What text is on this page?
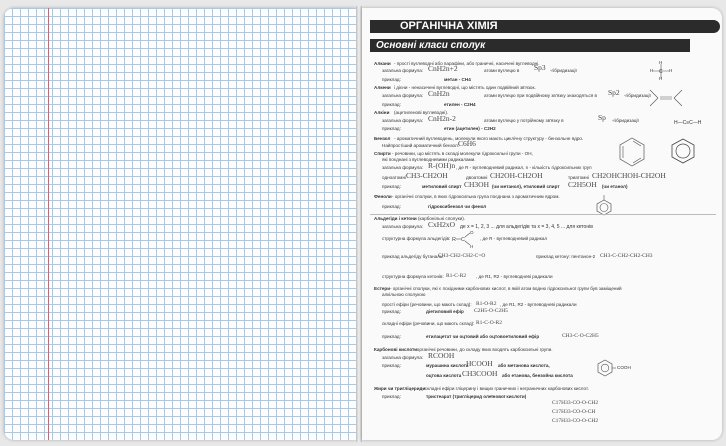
ОРГАНІЧНА ХІМІЯ
Основні класи сполук
Алкани - прості вуглеводні або парафіни, або граничні, насичені вуглеводні.
загальна формула: CnH2n+2	атоми вуглецю в Sp3 -гібридизації
приклад:	метан - CH4
C
H
H	H
H
Алкени і дієни - ненасичені вуглеводні, що містять один подвійний зв'язок.
загальна формула: CnH2n	атоми вуглецю при подвійному зв'язку знаходяться в Sp2 -гібридизації
приклад:	етилен - C2H4
Алкіни (ацетиленові вуглеводні).
загальна формула: CnH2n-2	атоми вуглецю у потрійному зв'язку в	Sp -гібридизації
приклад:	етин (ацетилен) - C2H2
H—C≡C—H
Бензол - ароматичний вуглеводень, молекули якого мають циклічну структуру - бензольне ядро.
Найпростіший ароматичний бензол: C6H6
Спирти - речовини, що містять в складі молекули гідроксильні групи - OH,
які поєднані з вуглеводневими радикалами.
загальна формула: R-(OH)n , де R - вуглеводневий радикал, n - кількість гідроксильних груп
одноатомні CH3-CH2OH	двоатомні CH2OH-CH2OH	триатомні CH2OHCHOH-CH2OH
приклад:	метиловий спирт CH3OH (чи метанол), етиловий спирт C2H5OH (чи етанол)
Феноли - органічні сполуки, в яких гідроксильна група поєднана з ароматичним ядром.
приклад:	гідроксибензол чи фенол
Альдегіди і кетони (карбонільні сполуки).
загальна формула: CxH2xO де x = 1, 2, 3 ... для альдегідів та x = 3, 4, 5 ... для кетонів
структурна формула альдегідів: R C
O
H
, де R - вуглеводневий радикал
приклад альдегіду бутаналь:
CH3-CH2-CH2-C=O	приклад кетону: пентанон-2 CH3-C-CH2-CH2-CH3
структурна формула кетонів: R1-C-R2 , де R1, R2 - вуглеводневі радикали
Естери - органічні сполуки, які є похідними карбонових кислот, в якій атом водню гідроксильної групи був заміщений
алкільною сполукою
прості ефіри (речовини, що мають склад): R1-O-R2 , де R1, R2 - вуглеводневі радикали
приклад:	діетиловий ефір C2H5-O-C2H5
складні ефіри (речовини, що мають склад): R1-C-O-R2
приклад:	етилацетат чи оцтовий або оцтовоетиловий ефір	CH3-C-O-C2H5
Карбонові кислоти
- органічні речовини, до складу яких входять карбоксильні групи.
загальна формула: RCOOH
приклад:	мурашина кислота
HCOOH або метанова кислота,
оцтова кислота CH3COOH або етанова, бензойна кислота
COOH
Жири чи тригліцериди
- складні ефіри гліцерину і вищих граничних і неграничних карбонових кислот.
приклад:	тристеарат (тригліцерид олеїнової кислоти)
C17H33-CO-O-CH2
C17H33-CO-O-CH
C17H33-CO-O-CH2
